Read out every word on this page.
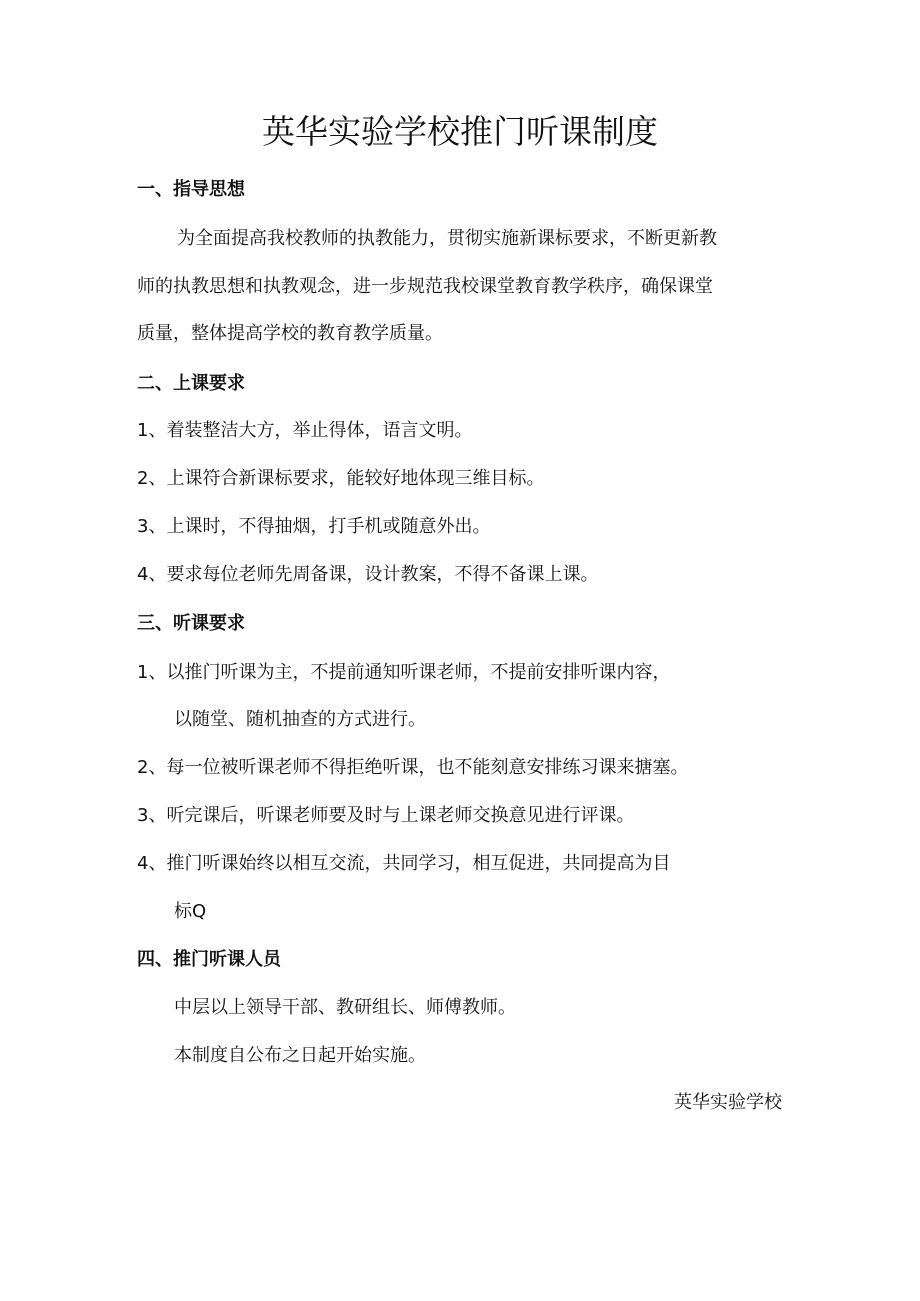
英华实验学校推门听课制度
一、指导思想
为全面提高我校教师的执教能力，贯彻实施新课标要求，不断更新教
师的执教思想和执教观念，进一步规范我校课堂教育教学秩序，确保课堂
质量，整体提高学校的教育教学质量。
二、上课要求
1、着装整洁大方，举止得体，语言文明。
2、上课符合新课标要求，能较好地体现三维目标。
3、上课时，不得抽烟，打手机或随意外出。
4、要求每位老师先周备课，设计教案，不得不备课上课。
三、听课要求
1、以推门听课为主，不提前通知听课老师，不提前安排听课内容，
以随堂、随机抽查的方式进行。
2、每一位被听课老师不得拒绝听课，也不能刻意安排练习课来搪塞。
3、听完课后，听课老师要及时与上课老师交换意见进行评课。
4、推门听课始终以相互交流，共同学习，相互促进，共同提高为目
标Q
四、推门听课人员
中层以上领导干部、教研组长、师傅教师。
本制度自公布之日起开始实施。
英华实验学校
